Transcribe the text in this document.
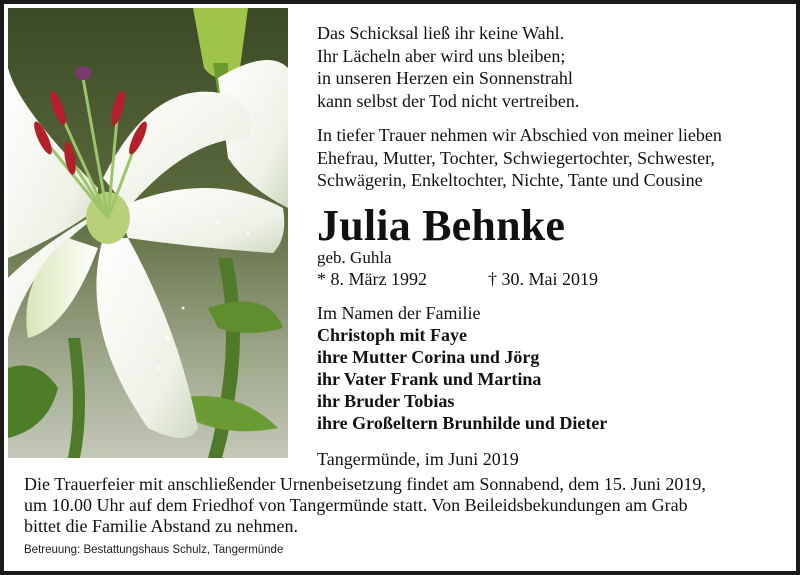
Das Schicksal ließ ihr keine Wahl.
Ihr Lächeln aber wird uns bleiben;
in unseren Herzen ein Sonnenstrahl
kann selbst der Tod nicht vertreiben.
In tiefer Trauer nehmen wir Abschied von meiner lieben
Ehefrau, Mutter, Tochter, Schwiegertochter, Schwester,
Schwägerin, Enkeltochter, Nichte, Tante und Cousine
Julia Behnke
geb. Guhla
* 8. März 1992	† 30. Mai 2019
Im Namen der Familie
Christoph mit Faye
ihre Mutter Corina und Jörg
ihr Vater Frank und Martina
ihr Bruder Tobias
ihre Großeltern Brunhilde und Dieter
Tangermünde, im Juni 2019
Die Trauerfeier mit anschließender Urnenbeisetzung findet am Sonnabend, dem 15. Juni 2019,
um 10.00 Uhr auf dem Friedhof von Tangermünde statt. Von Beileidsbekundungen am Grab
bittet die Familie Abstand zu nehmen.
Betreuung: Bestattungshaus Schulz, Tangermünde
